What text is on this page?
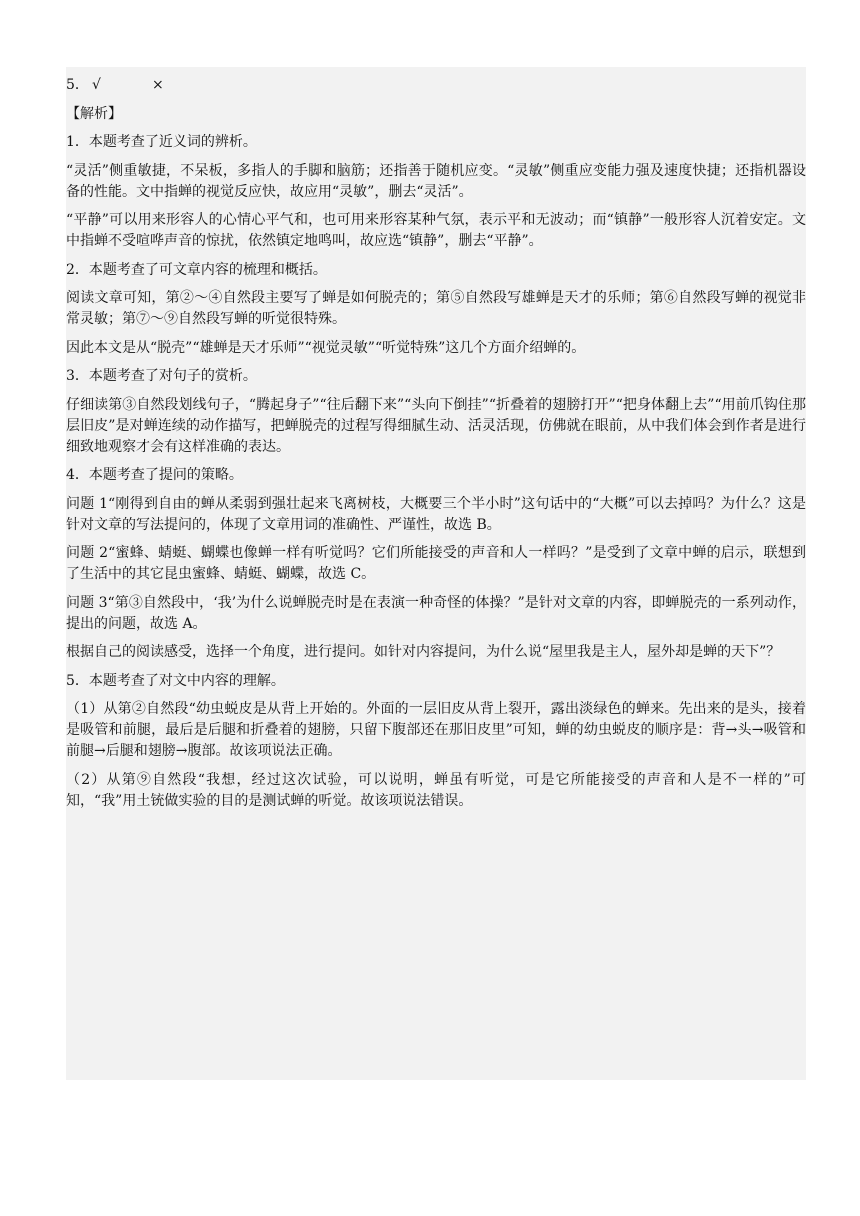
5． √	×
【解析】
1．本题考查了近义词的辨析。
“灵活”侧重敏捷，不呆板，多指人的手脚和脑筋；还指善于随机应变。“灵敏”侧重应变能力强及速度快捷；还指机器设备的性能。文中指蝉的视觉反应快，故应用“灵敏”，删去“灵活”。
“平静”可以用来形容人的心情心平气和，也可用来形容某种气氛，表示平和无波动；而“镇静”一般形容人沉着安定。文中指蝉不受喧哗声音的惊扰，依然镇定地鸣叫，故应选“镇静”，删去“平静”。
2．本题考查了可文章内容的梳理和概括。
阅读文章可知，第②～④自然段主要写了蝉是如何脱壳的；第⑤自然段写雄蝉是天才的乐师；第⑥自然段写蝉的视觉非常灵敏；第⑦～⑨自然段写蝉的听觉很特殊。
因此本文是从“脱壳”“雄蝉是天才乐师”“视觉灵敏”“听觉特殊”这几个方面介绍蝉的。
3．本题考查了对句子的赏析。
仔细读第③自然段划线句子，“腾起身子”“往后翻下来”“头向下倒挂”“折叠着的翅膀打开”“把身体翻上去”“用前爪钩住那层旧皮”是对蝉连续的动作描写，把蝉脱壳的过程写得细腻生动、活灵活现，仿佛就在眼前，从中我们体会到作者是进行细致地观察才会有这样准确的表达。
4．本题考查了提问的策略。
问题 1“刚得到自由的蝉从柔弱到强壮起来飞离树枝，大概要三个半小时”这句话中的“大概”可以去掉吗？为什么？这是针对文章的写法提问的，体现了文章用词的准确性、严谨性，故选 B。
问题 2“蜜蜂、蜻蜓、蝴蝶也像蝉一样有听觉吗？它们所能接受的声音和人一样吗？”是受到了文章中蝉的启示，联想到了生活中的其它昆虫蜜蜂、蜻蜓、蝴蝶，故选 C。
问题 3“第③自然段中，‘我’为什么说蝉脱壳时是在表演一种奇怪的体操？”是针对文章的内容，即蝉脱壳的一系列动作，提出的问题，故选 A。
根据自己的阅读感受，选择一个角度，进行提问。如针对内容提问，为什么说“屋里我是主人，屋外却是蝉的天下”？
5．本题考查了对文中内容的理解。
（1）从第②自然段“幼虫蜕皮是从背上开始的。外面的一层旧皮从背上裂开，露出淡绿色的蝉来。先出来的是头，接着是吸管和前腿，最后是后腿和折叠着的翅膀，只留下腹部还在那旧皮里”可知，蝉的幼虫蜕皮的顺序是：背→头→吸管和前腿→后腿和翅膀→腹部。故该项说法正确。
（2）从第⑨自然段“我想，经过这次试验，可以说明，蝉虽有听觉，可是它所能接受的声音和人是不一样的”可知，“我”用土铳做实验的目的是测试蝉的听觉。故该项说法错误。
